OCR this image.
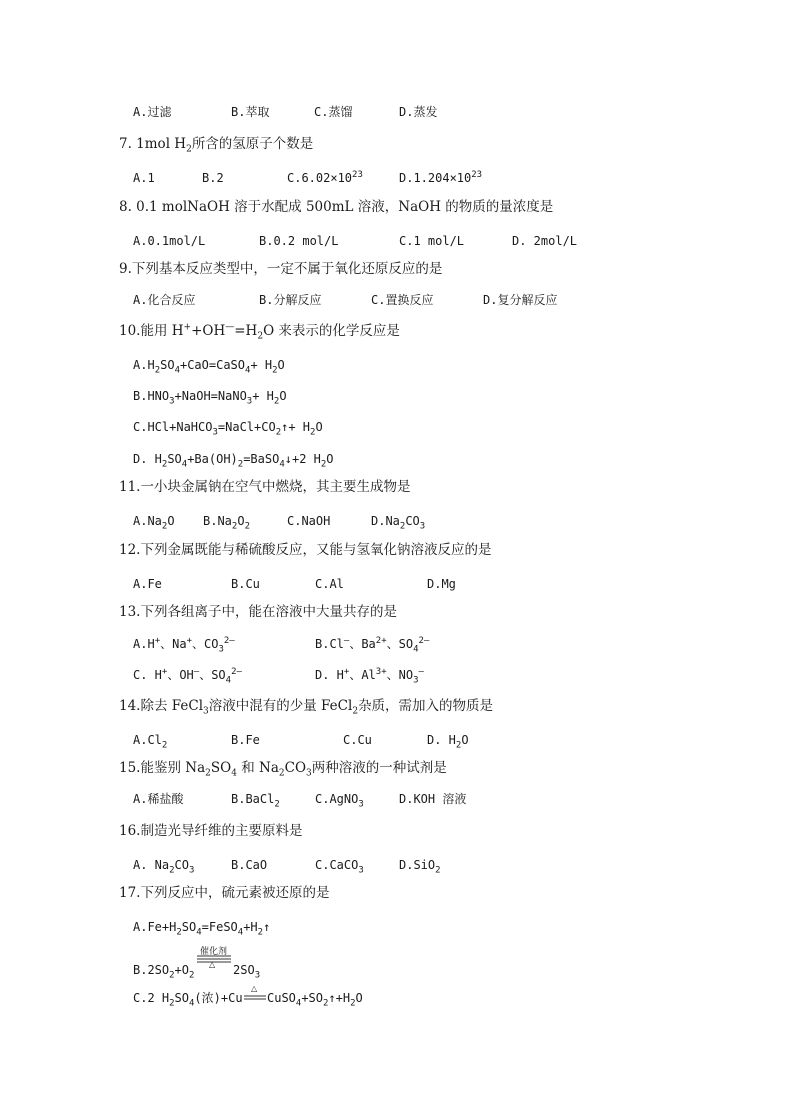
A.过滤	B.萃取	C.蒸馏	D.蒸发
7. 1mol $H_2$所含的氢原子个数是
A.1	B.2	$C.6.02\times 10^{23}$	$D.1.204\times 10^{23}$
8. 0.1 molNaOH 溶于水配成 500mL 溶液，NaOH 的物质的量浓度是
A.0.1mol/L	B.0.2 mol/L	C.1 mol/L	D. 2mol/L
9.下列基本反应类型中，一定不属于氧化还原反应的是
A.化合反应	B.分解反应	C.置换反应	D.复分解反应
10.能用 $H^++OH^—=H_2O$ 来表示的化学反应是
$A.H_2SO_4+CaO=CaSO_4+ H_2O$
$B.HNO_3+NaOH=NaNO_3+ H_2O$
$C.HCl+NaHCO_3=NaCl+CO_2↑+ H_2O$
D. $H_2SO_4+Ba(OH)_2=BaSO_4↓+2$ $H_2O$
11.一小块金属钠在空气中燃烧，其主要生成物是
$A.Na_2O$ $B.Na_2O_2$	C.NaOH	$D.Na_2CO_3$
12.下列金属既能与稀硫酸反应，又能与氢氧化钠溶液反应的是
A.Fe	B.Cu	C.Al	D.Mg
13.下列各组离子中，能在溶液中大量共存的是
A.H+、Na+、$CO_3^{2—}$	B.Cl—、$Ba^{2+}$、$SO_4^{2—}$
C. H+、OH—、$SO_4^{2—}$	D. H+、$Al^{3+}$、$NO_3^—$
14.除去 FeCl$_3$溶液中混有的少量 FeCl$_2$杂质，需加入的物质是
$A.Cl_2$	B.Fe	C.Cu	D. $H_2O$
15.能鉴别 $Na_2SO_4$ 和 $Na_2CO_3$两种溶液的一种试剂是
A.稀盐酸	B.BaCl$_2$	C.AgNO$_3$	D.KOH 溶液
16.制造光导纤维的主要原料是
A. $Na_2CO_3$	B.CaO	C.CaCO$_3$	D.SiO$_2$
17.下列反应中，硫元素被还原的是
$A.Fe+H_2SO_4=FeSO_4+H_2↑$
$B.2SO_2+O_2$	$2SO_3$
C.2 $H_2SO_4$(浓)+Cu $CuSO_4+SO_2↑+H_2O$
催化剂
△
△
